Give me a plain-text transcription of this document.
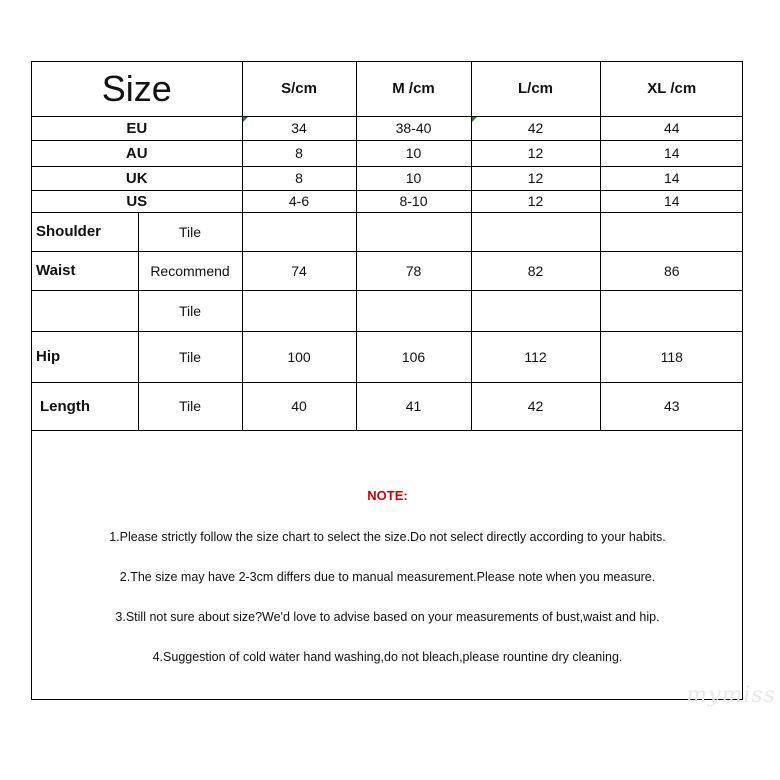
Size		S/cm	M /cm	L/cm	XL /cm
EU		34	38-40	42	44
AU		8	10	12	14
UK		8	10	12	14
US		4-6	8-10	12	14
Shoulder	Tile				
Waist	Recommend	74	78	82	86
	Tile				
Hip	Tile	100	106	112	118
Length	Tile	40	41	42	43
NOTE:
1.Please strictly follow the size chart to select the size.Do not select directly according to your habits.
2.The size may have 2-3cm differs due to manual measurement.Please note when you measure.
3.Still not sure about size?We'd love to advise based on your measurements of bust,waist and hip.
4.Suggestion of cold water hand washing,do not bleach,please rountine dry cleaning.
mymiss
